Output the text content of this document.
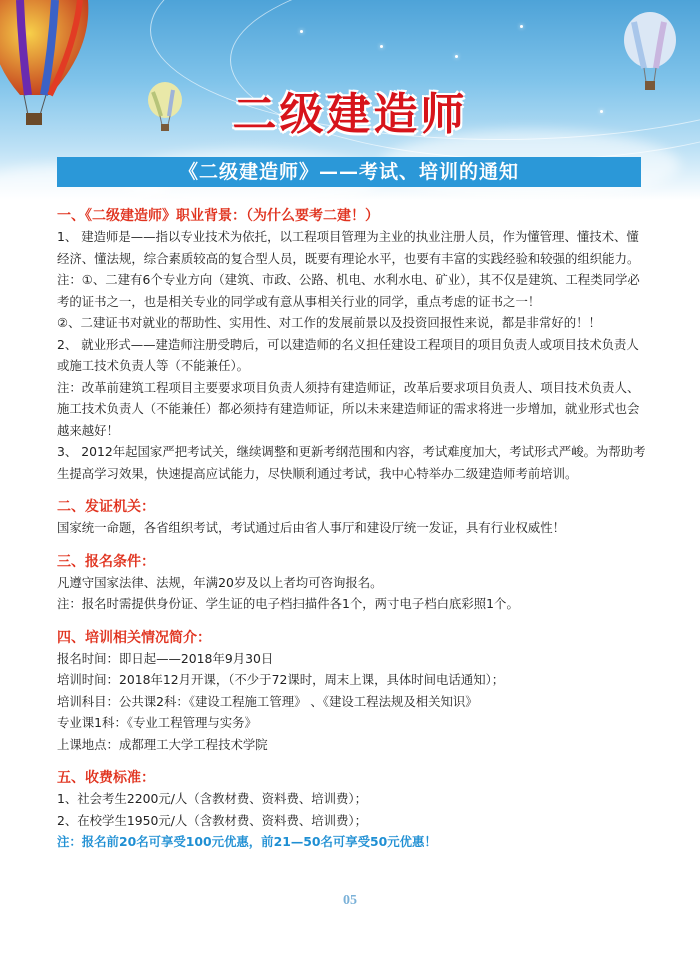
二级建造师
《二级建造师》——考试、培训的通知
一、《二级建造师》职业背景：（为什么要考二建！）
1、 建造师是——指以专业技术为依托，以工程项目管理为主业的执业注册人员，作为懂管理、懂技术、懂经济、懂法规，综合素质较高的复合型人员，既要有理论水平，也要有丰富的实践经验和较强的组织能力。
注：①、二建有6个专业方向（建筑、市政、公路、机电、水利水电、矿业），其不仅是建筑、工程类同学必考的证书之一，也是相关专业的同学或有意从事相关行业的同学，重点考虑的证书之一！
②、二建证书对就业的帮助性、实用性、对工作的发展前景以及投资回报性来说，都是非常好的！！
2、 就业形式——建造师注册受聘后，可以建造师的名义担任建设工程项目的项目负责人或项目技术负责人或施工技术负责人等（不能兼任）。
注：改革前建筑工程项目主要要求项目负责人须持有建造师证，改革后要求项目负责人、项目技术负责人、施工技术负责人（不能兼任）都必须持有建造师证，所以未来建造师证的需求将进一步增加，就业形式也会越来越好！
3、 2012年起国家严把考试关，继续调整和更新考纲范围和内容，考试难度加大，考试形式严峻。为帮助考生提高学习效果，快速提高应试能力，尽快顺利通过考试，我中心特举办二级建造师考前培训。
二、发证机关：
国家统一命题，各省组织考试，考试通过后由省人事厅和建设厅统一发证，具有行业权威性！
三、报名条件：
凡遵守国家法律、法规，年满20岁及以上者均可咨询报名。
注：报名时需提供身份证、学生证的电子档扫描件各1个，两寸电子档白底彩照1个。
四、培训相关情况简介：
报名时间：即日起——2018年9月30日
培训时间：2018年12月开课，（不少于72课时，周末上课，具体时间电话通知）；
培训科目：公共课2科：《建设工程施工管理》 、《建设工程法规及相关知识》
专业课1科：《专业工程管理与实务》
上课地点：成都理工大学工程技术学院
五、收费标准：
1、社会考生2200元/人（含教材费、资料费、培训费）；
2、在校学生1950元/人（含教材费、资料费、培训费）；
注：报名前20名可享受100元优惠，前21—50名可享受50元优惠！
05
